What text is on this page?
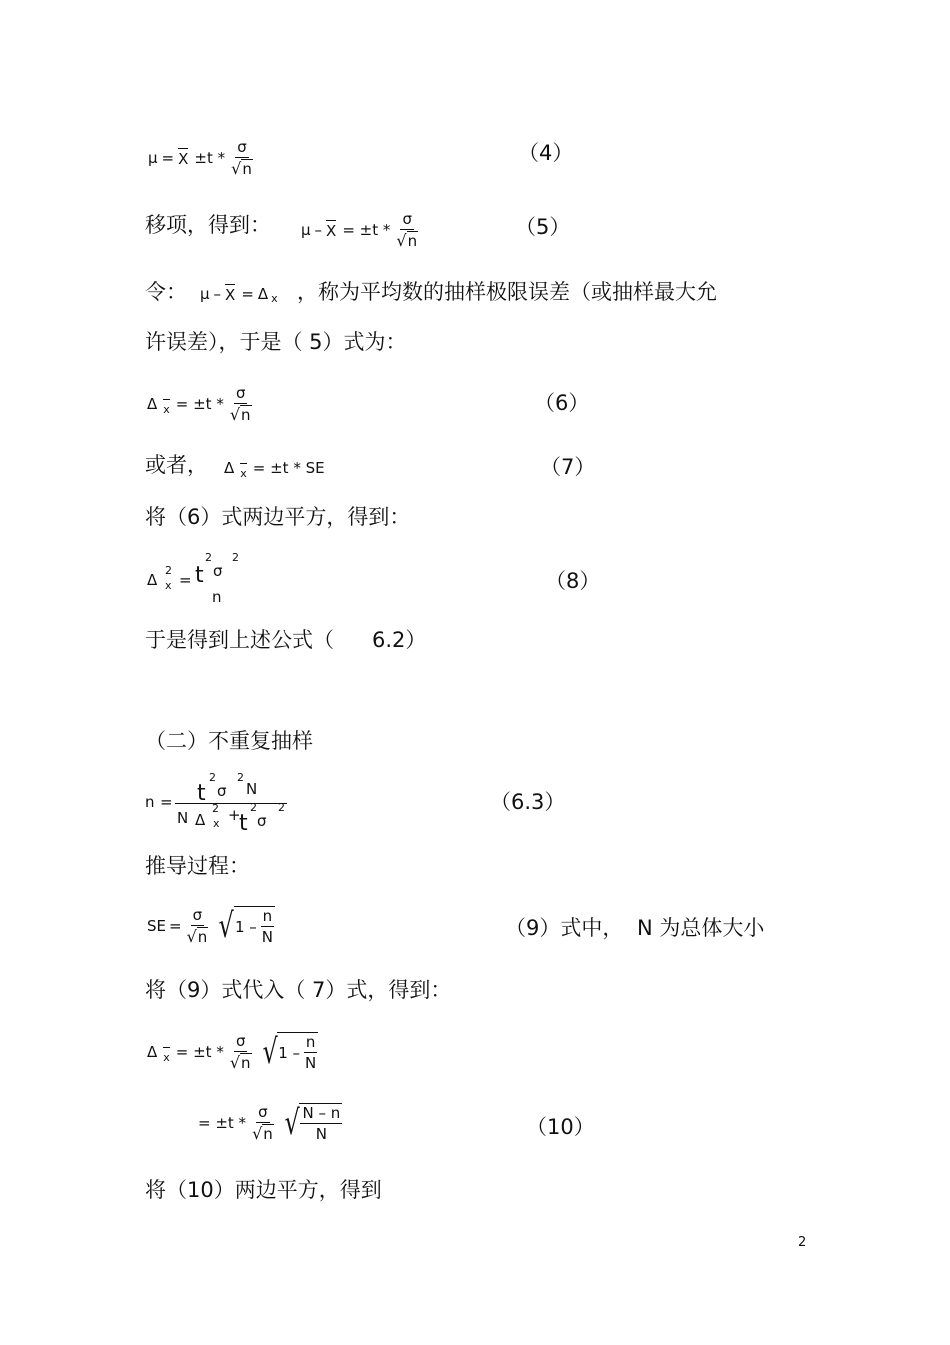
$\mu = X \pm t * \frac{\sigma}{√ n}$	（4）
移项，得到： $\mu - X = \pm t * \frac{\sigma}{√ n}$	（5）
令： μ – X = Δ x ，称为平均数的抽样极限误差（或抽样最大允
许误差），于是（ 5）式为：
Δ $x = \pm t * \frac{\sigma}{√ n}$	（6）
或者， Δ x = ±t * SE	（7）
将（6）式两边平方，得到：
Δ
2
x = t
2
σ
2
n
（8）
于是得到上述公式（ 6.2）
（二）不重复抽样
n = t
2
σ
2
N
N Δ
2
x +
t
2
σ
2	（6.3）
推导过程：
SE = $\frac{\sigma}{√ n}$ √ $1 - \frac{n}{N}$	（9）式中， N 为总体大小
将（9）式代入（ 7）式，得到：
Δ $x = \pm t * \frac{\sigma}{√ n}$ √ $1 - \frac{n}{N}$
= $\pm t * \frac{\sigma}{√ n}$ √ $\frac{N - n}{N}$	（10）
将（10）两边平方，得到
2
